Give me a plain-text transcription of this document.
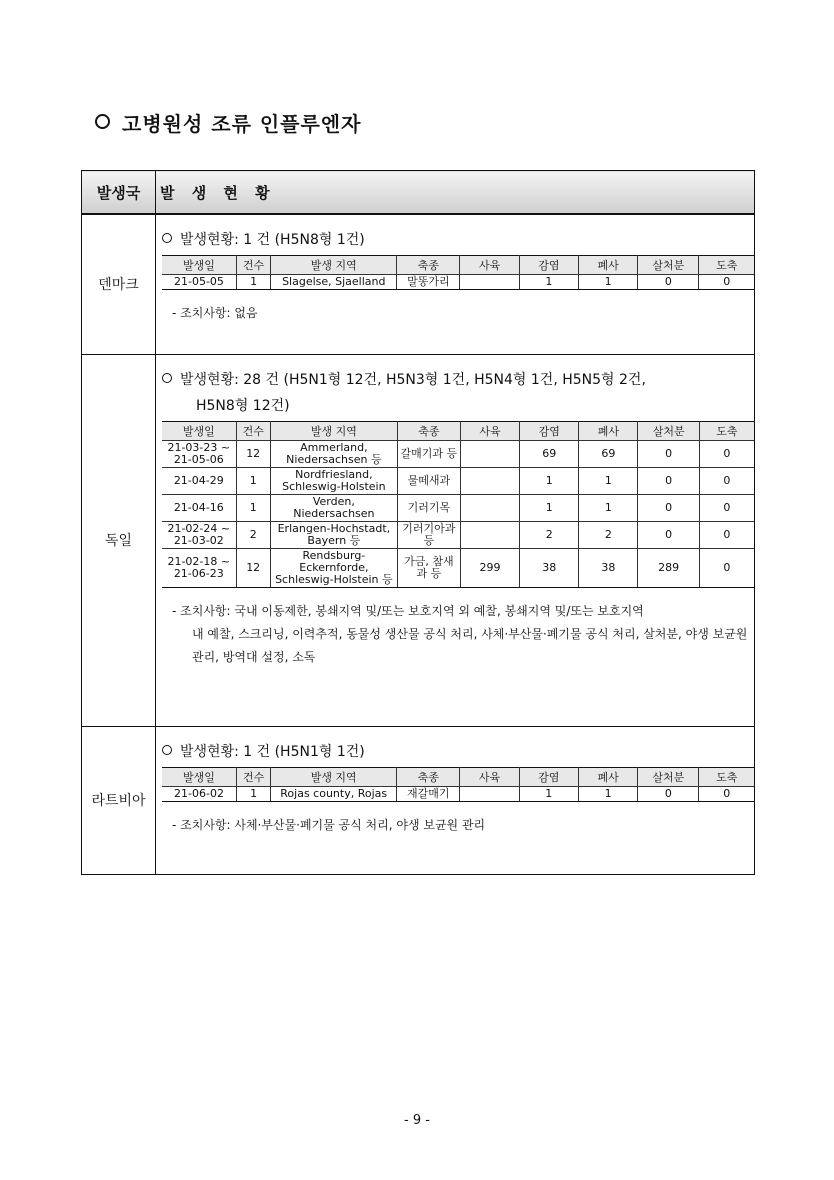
고병원성 조류 인플루엔자
발생국	발 생 현 황
덴마크	
발생현황: 1 건 (H5N8형 1건)
발생일	건수	발생 지역	축종	사육	감염	폐사	살처분	도축
21-05-05	1	Slagelse, Sjaelland	말똥가리		1	1	0	0
- 조치사항: 없음

독일	
발생현황: 28 건 (H5N1형 12건, H5N3형 1건, H5N4형 1건, H5N5형 2건,
H5N8형 12건)
발생일	건수	발생 지역	축종	사육	감염	폐사	살처분	도축
21-03-23 ~ 21-05-06	12	Ammerland, Niedersachsen 등	갈매기과 등		69	69	0	0
21-04-29	1	Nordfriesland, Schleswig-Holstein	물떼새과		1	1	0	0
21-04-16	1	Verden, Niedersachsen	기러기목		1	1	0	0
21-02-24 ~ 21-03-02	2	Erlangen-Hochstadt, Bayern 등	기러기아과 등		2	2	0	0
21-02-18 ~ 21-06-23	12	Rendsburg-Eckernforde, Schleswig-Holstein 등	가금, 참새과 등	299	38	38	289	0
- 조치사항: 국내 이동제한, 봉쇄지역 및/또는 보호지역 외 예찰, 봉쇄지역 및/또는 보호지역
내 예찰, 스크리닝, 이력추적, 동물성 생산물 공식 처리, 사체·부산물·폐기물 공식 처리, 살처분, 야생 보균원 관리, 방역대 설정, 소독

라트비아	
발생현황: 1 건 (H5N1형 1건)
발생일	건수	발생 지역	축종	사육	감염	폐사	살처분	도축
21-06-02	1	Rojas county, Rojas	재갈매기		1	1	0	0
- 조치사항: 사체·부산물·폐기물 공식 처리, 야생 보균원 관리
- 9 -
